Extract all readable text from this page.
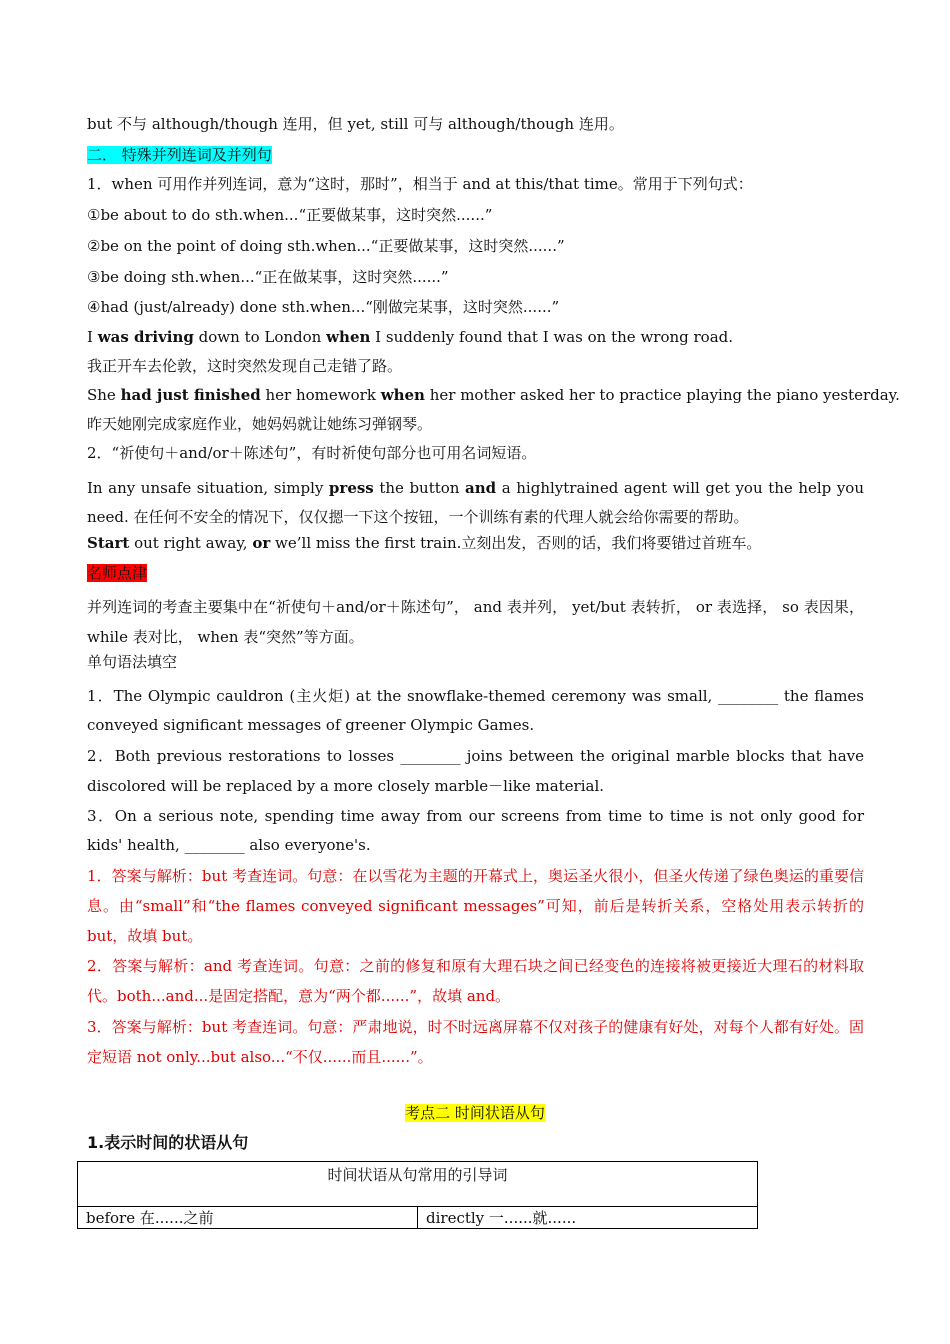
but 不与 although/though 连用，但 yet, still 可与 although/though 连用。
二． 特殊并列连词及并列句
1．when 可用作并列连词，意为“这时，那时”，相当于 and at this/that time。常用于下列句式：
①be about to do sth.when...“正要做某事，这时突然......”
②be on the point of doing sth.when...“正要做某事，这时突然......”
③be doing sth.when...“正在做某事，这时突然......”
④had (just/already) done sth.when...“刚做完某事，这时突然......”
I was driving down to London when I suddenly found that I was on the wrong road.
我正开车去伦敦，这时突然发现自己走错了路。
She had just finished her homework when her mother asked her to practice playing the piano yesterday.
昨天她刚完成家庭作业，她妈妈就让她练习弹钢琴。
2．“祈使句＋and/or＋陈述句”，有时祈使句部分也可用名词短语。
In any unsafe situation, simply press the button and a highlytrained agent will get you the help you need. 在任何不安全的情况下，仅仅摁一下这个按钮，一个训练有素的代理人就会给你需要的帮助。
Start out right away, or we’ll miss the first train.立刻出发，否则的话，我们将要错过首班车。
名师点津
并列连词的考查主要集中在“祈使句＋and/or＋陈述句”， and 表并列， yet/but 表转折， or 表选择， so 表因果， while 表对比， when 表“突然”等方面。
单句语法填空
1．The Olympic cauldron (主火炬) at the snowflake-themed ceremony was small, ________ the flames conveyed significant messages of greener Olympic Games.
2．Both previous restorations to losses ________ joins between the original marble blocks that have discolored will be replaced by a more closely marble－like material.
3．On a serious note, spending time away from our screens from time to time is not only good for kids' health, ________ also everyone's.
1．答案与解析：but 考查连词。句意：在以雪花为主题的开幕式上，奥运圣火很小，但圣火传递了绿色奥运的重要信息。由“small”和“the flames conveyed significant messages”可知，前后是转折关系，空格处用表示转折的 but，故填 but。
2．答案与解析：and 考查连词。句意：之前的修复和原有大理石块之间已经变色的连接将被更接近大理石的材料取代。both...and...是固定搭配，意为“两个都......”，故填 and。
3．答案与解析：but 考查连词。句意：严肃地说，时不时远离屏幕不仅对孩子的健康有好处，对每个人都有好处。固定短语 not only...but also...“不仅......而且......”。
考点二 时间状语从句
1.表示时间的状语从句
时间状语从句常用的引导词
before 在......之前	directly 一......就......
